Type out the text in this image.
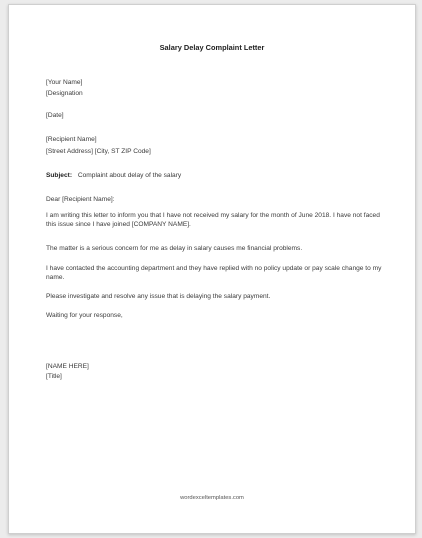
Salary Delay Complaint Letter
[Your Name]
[Designation
[Date]
[Recipient Name]
[Street Address] [City, ST ZIP Code]
Subject: Complaint about delay of the salary
Dear [Recipient Name]:
I am writing this letter to inform you that I have not received my salary for the month of June 2018. I have not faced this issue since I have joined [COMPANY NAME].
The matter is a serious concern for me as delay in salary causes me financial problems.
I have contacted the accounting department and they have replied with no policy update or pay scale change to my name.
Please investigate and resolve any issue that is delaying the salary payment.
Waiting for your response,
[NAME HERE]
[Title]
wordexceltemplates.com
